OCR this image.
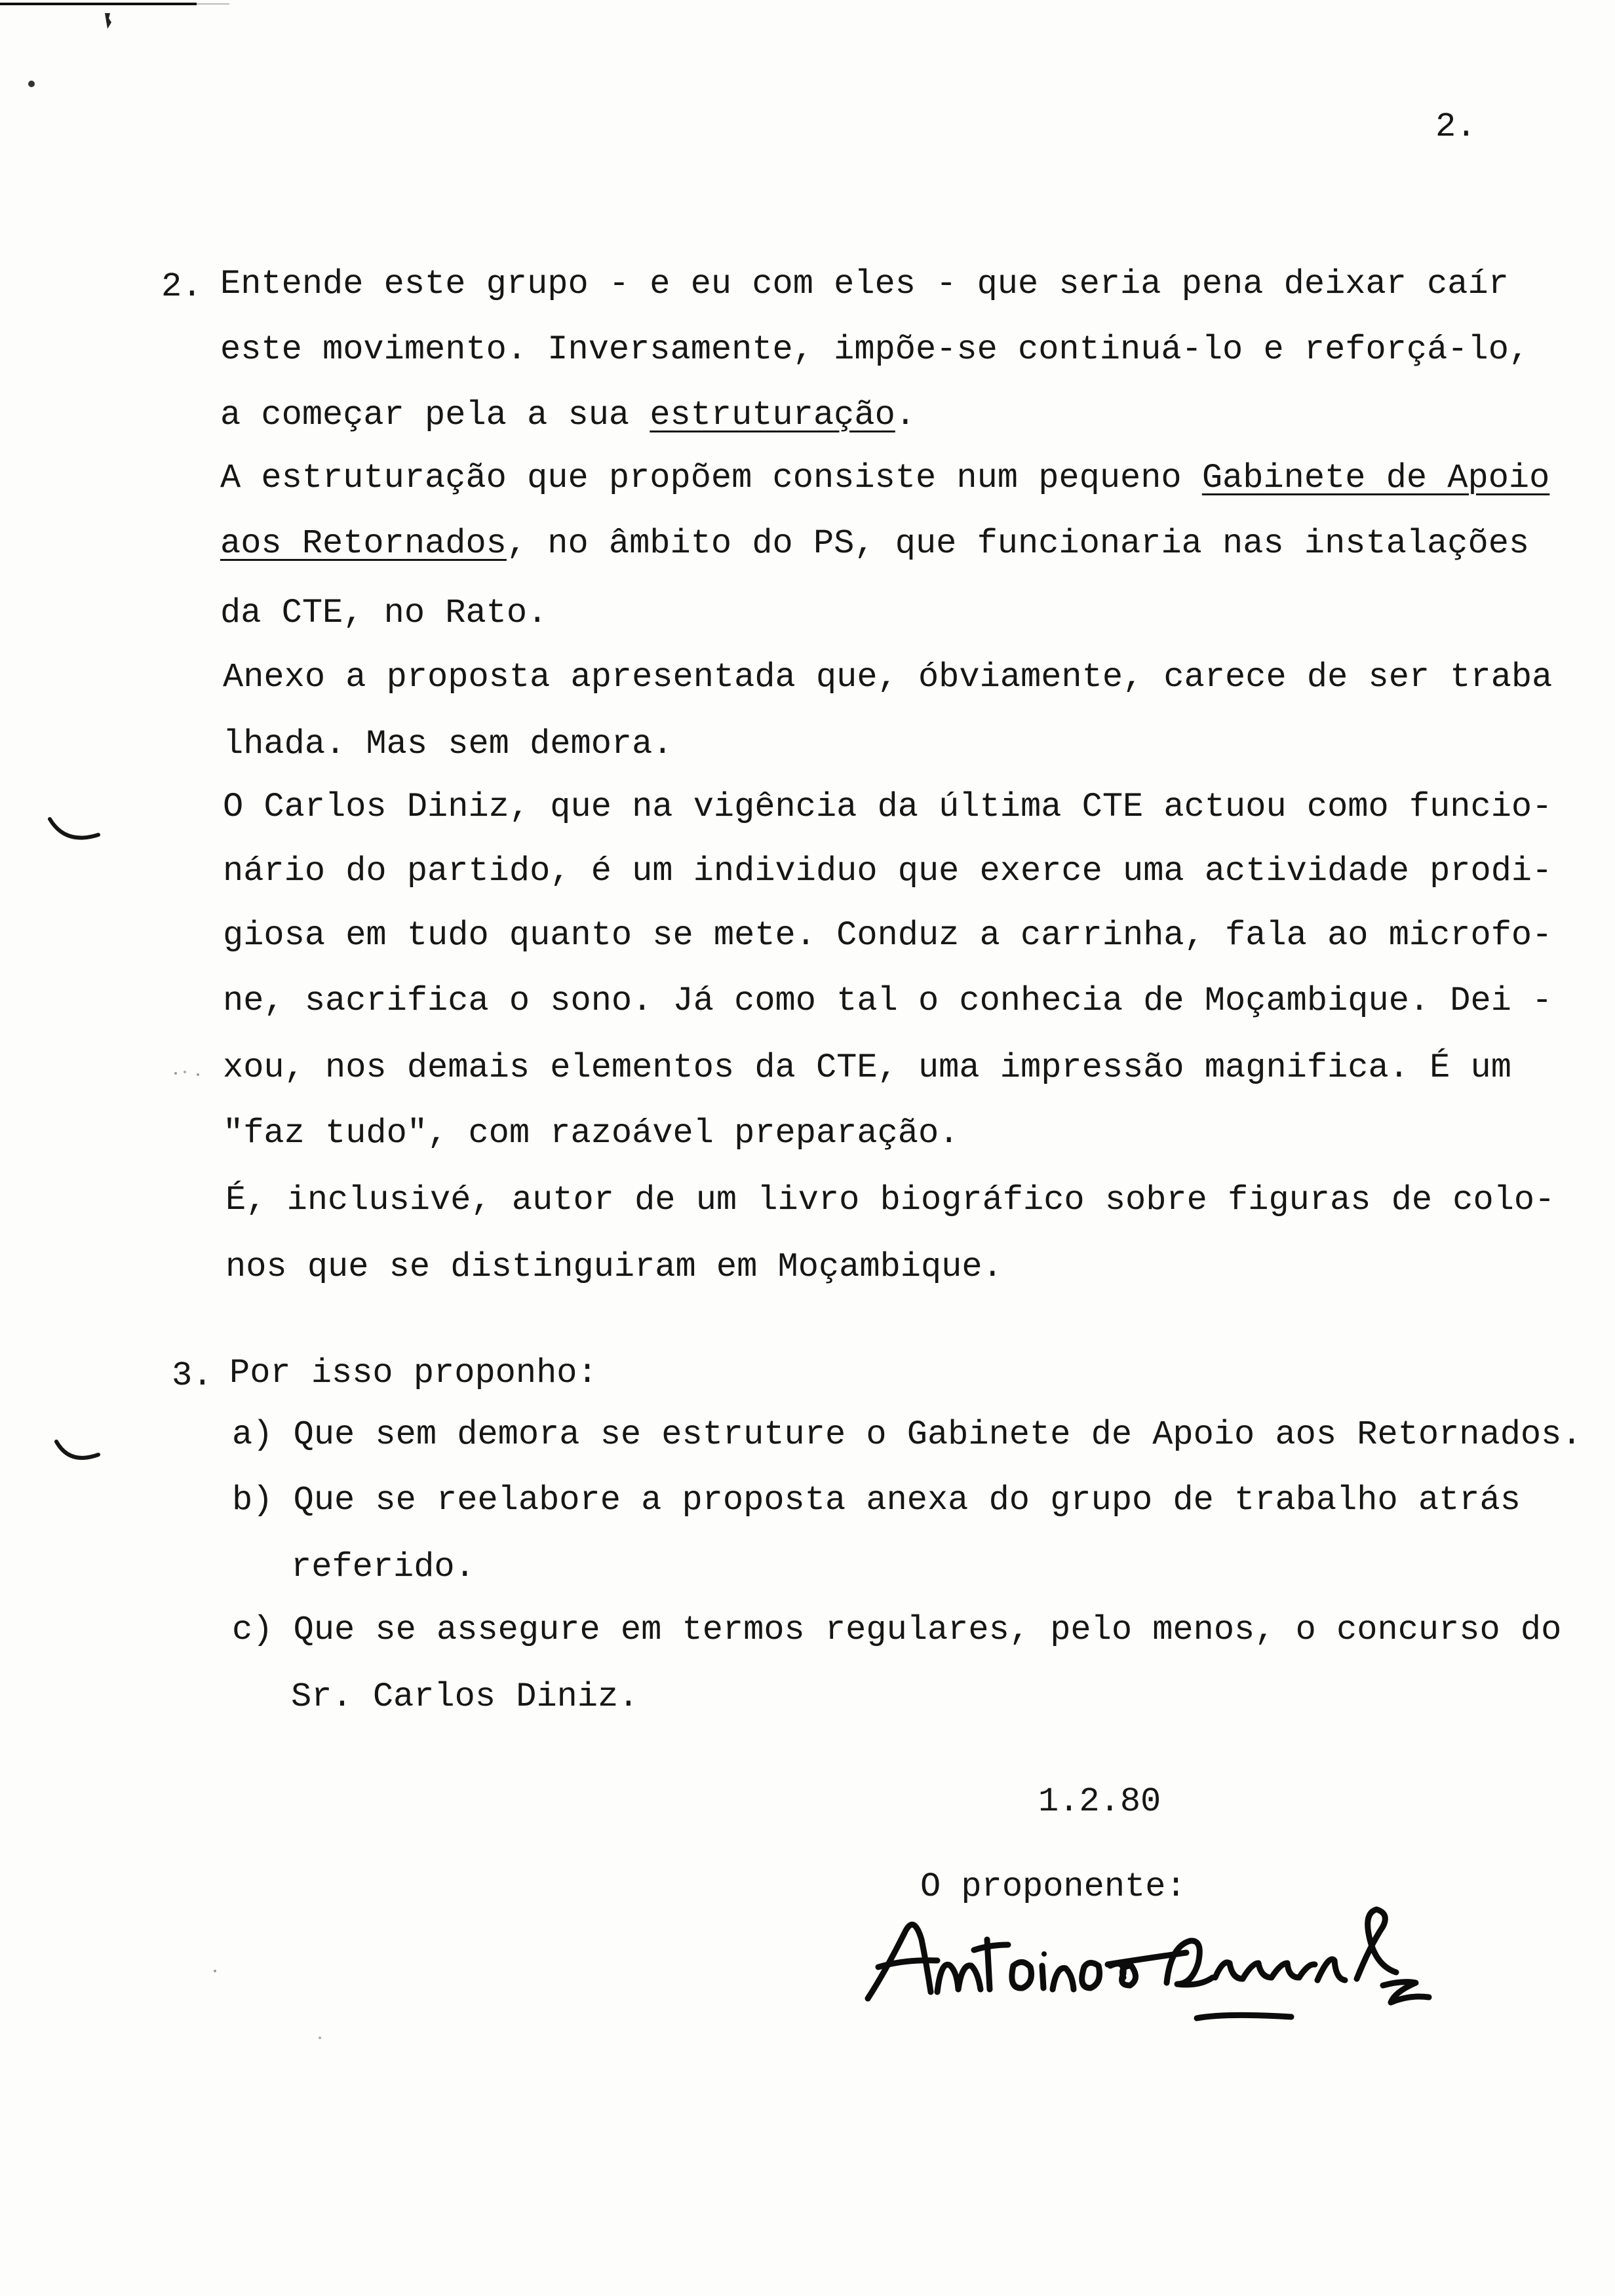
2.
2. Entende este grupo - e eu com eles - que seria pena deixar caír
este movimento. Inversamente, impõe-se continuá-lo e reforçá-lo,
a começar pela a sua estruturação.
A estruturação que propõem consiste num pequeno Gabinete de Apoio
aos Retornados, no âmbito do PS, que funcionaria nas instalações
da CTE, no Rato.
Anexo a proposta apresentada que, óbviamente, carece de ser traba
lhada. Mas sem demora.
O Carlos Diniz, que na vigência da última CTE actuou como funcio-
nário do partido, é um individuo que exerce uma actividade prodi-
giosa em tudo quanto se mete. Conduz a carrinha, fala ao microfo-
ne, sacrifica o sono. Já como tal o conhecia de Moçambique. Dei -
xou, nos demais elementos da CTE, uma impressão magnifica. É um
"faz tudo", com razoável preparação.
É, inclusivé, autor de um livro biográfico sobre figuras de colo-
nos que se distinguiram em Moçambique.
3. Por isso proponho:
a) Que sem demora se estruture o Gabinete de Apoio aos Retornados.
b) Que se reelabore a proposta anexa do grupo de trabalho atrás
referido.
c) Que se assegure em termos regulares, pelo menos, o concurso do
Sr. Carlos Diniz.
1.2.80
O proponente:
